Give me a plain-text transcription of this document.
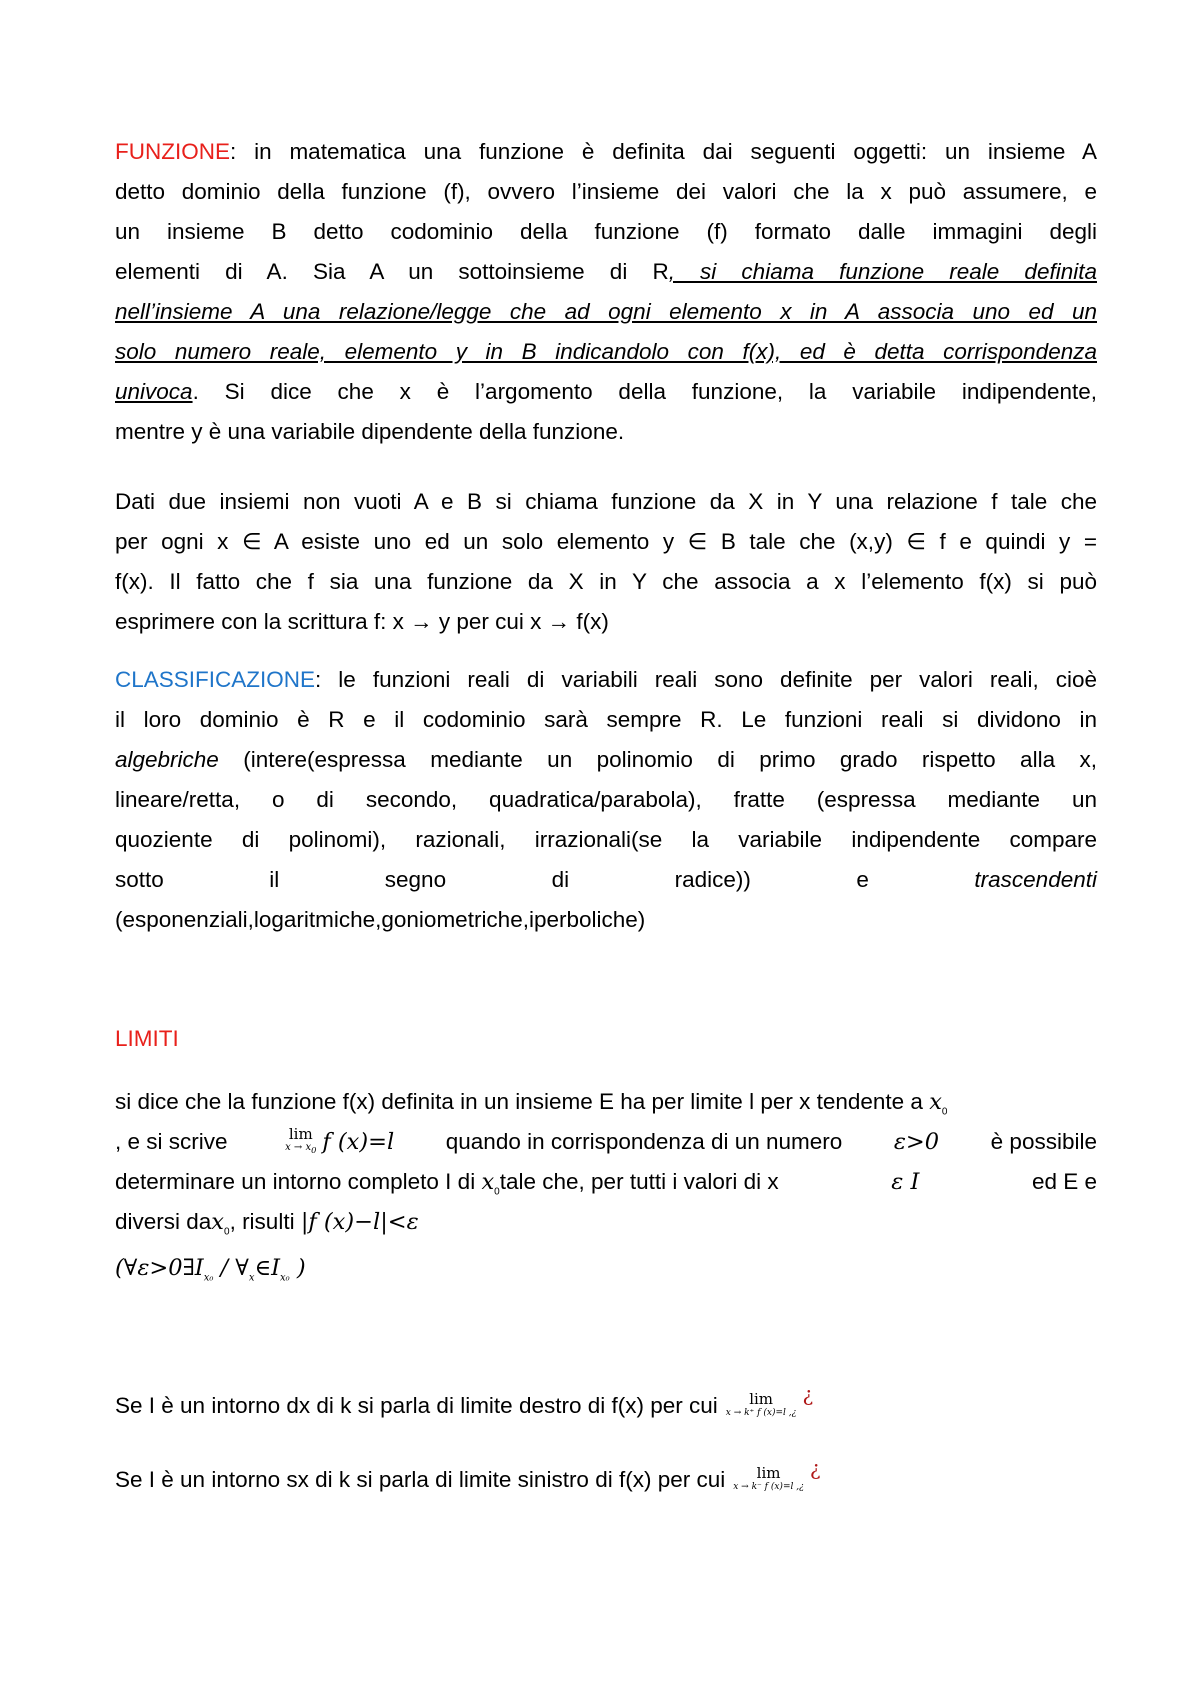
FUNZIONE: in matematica una funzione è definita dai seguenti oggetti: un insieme A
detto dominio della funzione (f), ovvero l’insieme dei valori che la x può assumere, e
un insieme B detto codominio della funzione (f) formato dalle immagini degli
elementi di A. Sia A un sottoinsieme di R, si chiama funzione reale definita
nell’insieme A una relazione/legge che ad ogni elemento x in A associa uno ed un
solo numero reale, elemento y in B indicandolo con f(x), ed è detta corrispondenza
univoca. Si dice che x è l’argomento della funzione, la variabile indipendente,
mentre y è una variabile dipendente della funzione.
Dati due insiemi non vuoti A e B si chiama funzione da X in Y una relazione f tale che
per ogni x ∈ A esiste uno ed un solo elemento y ∈ B tale che (x,y) ∈ f e quindi y =
f(x). Il fatto che f sia una funzione da X in Y che associa a x l’elemento f(x) si può
esprimere con la scrittura f: x → y per cui x → f(x)
CLASSIFICAZIONE: le funzioni reali di variabili reali sono definite per valori reali, cioè
il loro dominio è R e il codominio sarà sempre R. Le funzioni reali si dividono in
algebriche (intere(espressa mediante un polinomio di primo grado rispetto alla x,
lineare/retta, o di secondo, quadratica/parabola), fratte (espressa mediante un
quoziente di polinomi), razionali, irrazionali(se la variabile indipendente compare
sotto	il	segno	di	radice))	e	trascendenti
(esponenziali,logaritmiche,goniometriche,iperboliche)
LIMITI
si dice che la funzione f(x) definita in un insieme E ha per limite l per x tendente a $x_0$
, e si scrive	lim
$x \to x_0$ f (x)=l quando in corrispondenza di un numero ε>0 è possibile
determinare un intorno completo I di $x_0tale$ che, per tutti i valori di x	ε I	ed E e
diversi dax$_0$, risulti |f (x)−l|<ε
($\forall\varepsilon>0\exists I_{x_0}$ / $\forall_x\in I_{x_0}$ )
Se I è un intorno dx di k si parla di limite destro di f(x) per cui	lim
x → k⁺ f (x)=l ,¿
¿
Se I è un intorno sx di k si parla di limite sinistro di f(x) per cui	lim
x → k⁻ f (x)=l ,¿
¿
